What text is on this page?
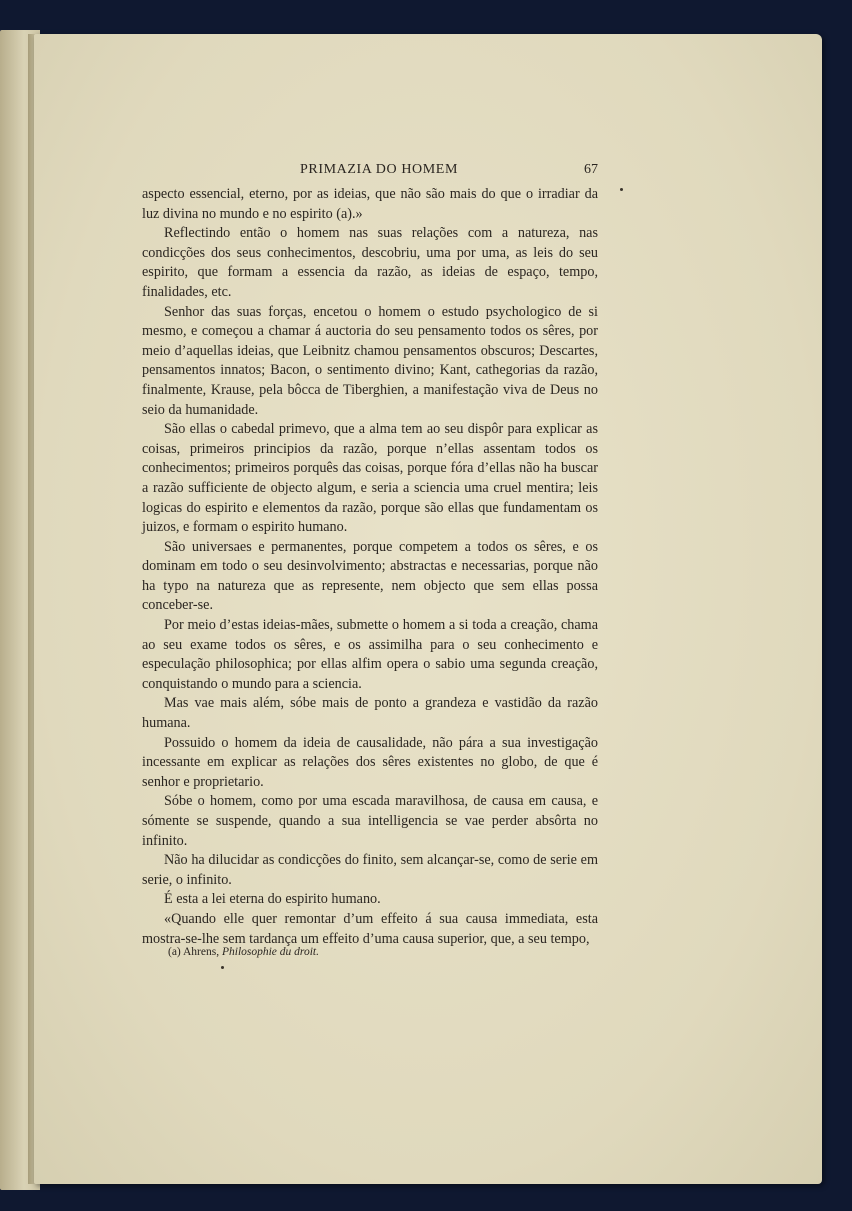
PRIMAZIA DO HOMEM	67

aspecto essencial, eterno, por as ideias, que não são mais do que o irradiar da luz divina no mundo e no espirito (a).»

Reflectindo então o homem nas suas relações com a natureza, nas condicções dos seus conhecimentos, descobriu, uma por uma, as leis do seu espirito, que formam a essencia da razão, as ideias de espaço, tempo, finalidades, etc.

Senhor das suas forças, encetou o homem o estudo psychologico de si mesmo, e começou a chamar á auctoria do seu pensamento todos os sêres, por meio d’aquellas ideias, que Leibnitz chamou pensamentos obscuros; Descartes, pensamentos innatos; Bacon, o sentimento divino; Kant, cathegorias da razão, finalmente, Krause, pela bôcca de Tiberghien, a manifestação viva de Deus no seio da humanidade.

São ellas o cabedal primevo, que a alma tem ao seu dispôr para explicar as coisas, primeiros principios da razão, porque n’ellas assentam todos os conhecimentos; primeiros porquês das coisas, porque fóra d’ellas não ha buscar a razão sufficiente de objecto algum, e seria a sciencia uma cruel mentira; leis logicas do espirito e elementos da razão, porque são ellas que fundamentam os juizos, e formam o espirito humano.

São universaes e permanentes, porque competem a todos os sêres, e os dominam em todo o seu desinvolvimento; abstractas e necessarias, porque não ha typo na natureza que as represente, nem objecto que sem ellas possa conceber-se.

Por meio d’estas ideias-mães, submette o homem a si toda a creação, chama ao seu exame todos os sêres, e os assimilha para o seu conhecimento e especulação philosophica; por ellas alfim opera o sabio uma segunda creação, conquistando o mundo para a sciencia.

Mas vae mais além, sóbe mais de ponto a grandeza e vastidão da razão humana.

Possuido o homem da ideia de causalidade, não pára a sua investigação incessante em explicar as relações dos sêres existentes no globo, de que é senhor e proprietario.

Sóbe o homem, como por uma escada maravilhosa, de causa em causa, e sómente se suspende, quando a sua intelligencia se vae perder absôrta no infinito.

Não ha dilucidar as condicções do finito, sem alcançar-se, como de serie em serie, o infinito.

É esta a lei eterna do espirito humano.

«Quando elle quer remontar d’um effeito á sua causa immediata, esta mostra-se-lhe sem tardança um effeito d’uma causa superior, que, a seu tempo,

(a) Ahrens, Philosophie du droit.
